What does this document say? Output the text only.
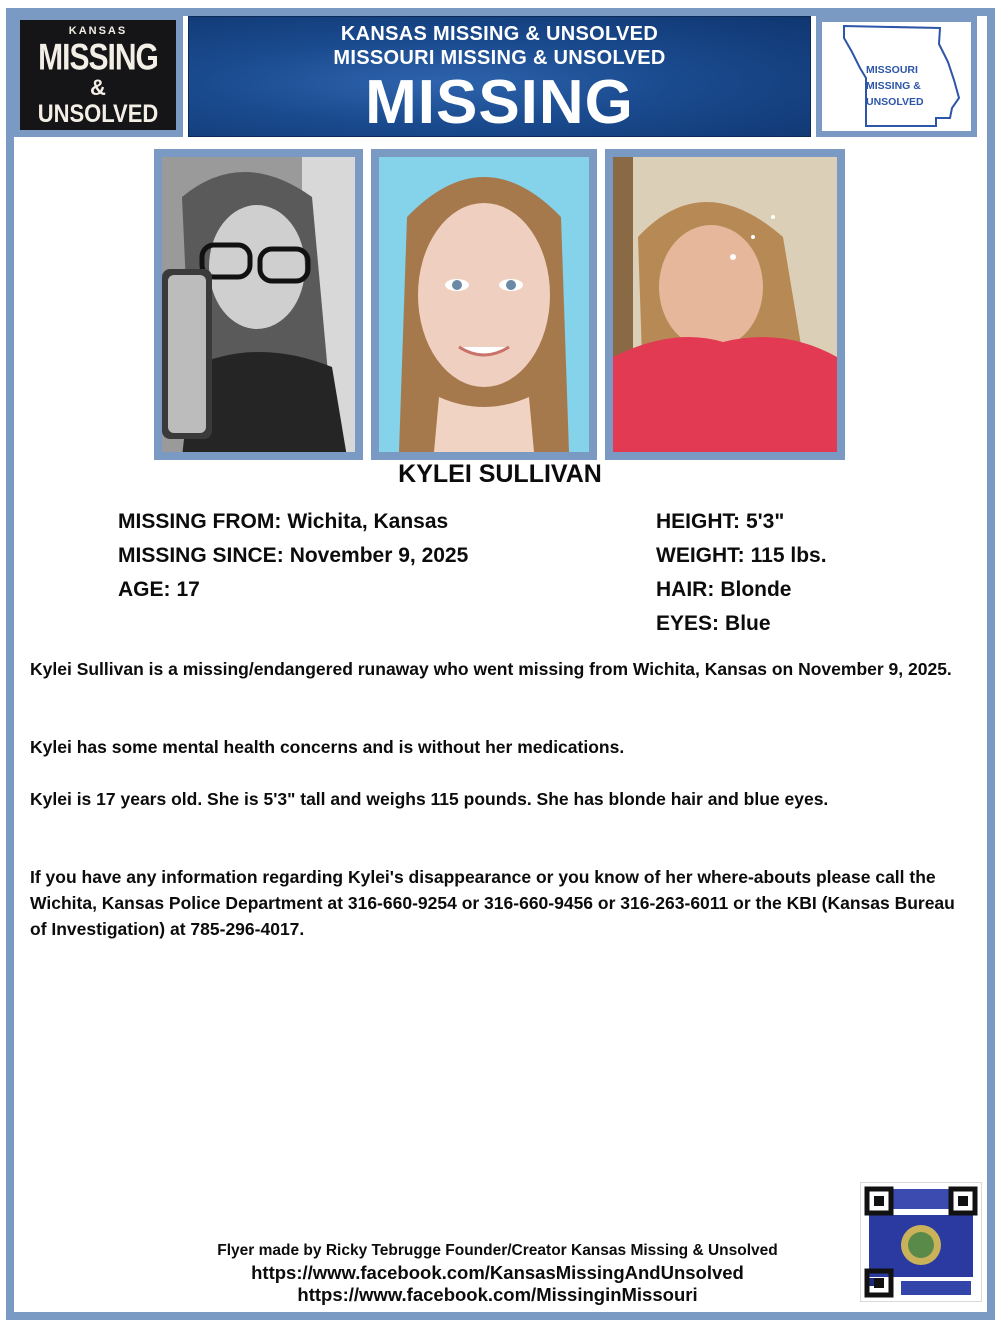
KANSAS
MISSING
&
UNSOLVED
KANSAS MISSING & UNSOLVED
MISSOURI MISSING & UNSOLVED
MISSING	MISSOURI
MISSING &
UNSOLVED
KYLEI SULLIVAN
MISSING FROM: Wichita, Kansas
MISSING SINCE: November 9, 2025
AGE: 17
HEIGHT: 5'3"
WEIGHT: 115 lbs.
HAIR: Blonde
EYES: Blue
Kylei Sullivan is a missing/endangered runaway who went missing from Wichita, Kansas on November 9, 2025.
Kylei has some mental health concerns and is without her medications.
Kylei is 17 years old. She is 5'3" tall and weighs 115 pounds. She has blonde hair and blue eyes.
If you have any information regarding Kylei's disappearance or you know of her where-abouts please call the Wichita, Kansas Police Department at 316-660-9254 or 316-660-9456 or 316-263-6011 or the KBI (Kansas Bureau of Investigation) at 785-296-4017.
Flyer made by Ricky Tebrugge Founder/Creator Kansas Missing & Unsolved
https://www.facebook.com/KansasMissingAndUnsolved
https://www.facebook.com/MissinginMissouri
